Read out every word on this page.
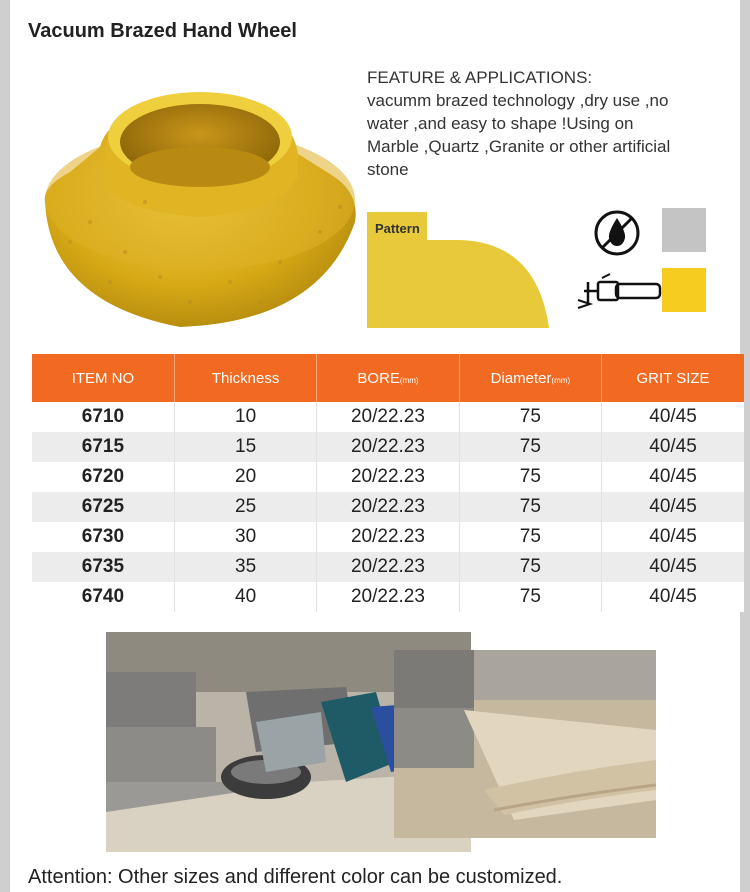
Vacuum Brazed Hand Wheel
FEATURE & APPLICATIONS:
vacumm brazed technology ,dry use ,no
water ,and easy to shape !Using on
Marble ,Quartz ,Granite or other artificial
stone
Pattern
ITEM NO	Thickness	BORE(mm)	Diameter(mm)	GRIT SIZE
6710	10	20/22.23	75	40/45
6715	15	20/22.23	75	40/45
6720	20	20/22.23	75	40/45
6725	25	20/22.23	75	40/45
6730	30	20/22.23	75	40/45
6735	35	20/22.23	75	40/45
6740	40	20/22.23	75	40/45
Attention: Other sizes and different color can be customized.
